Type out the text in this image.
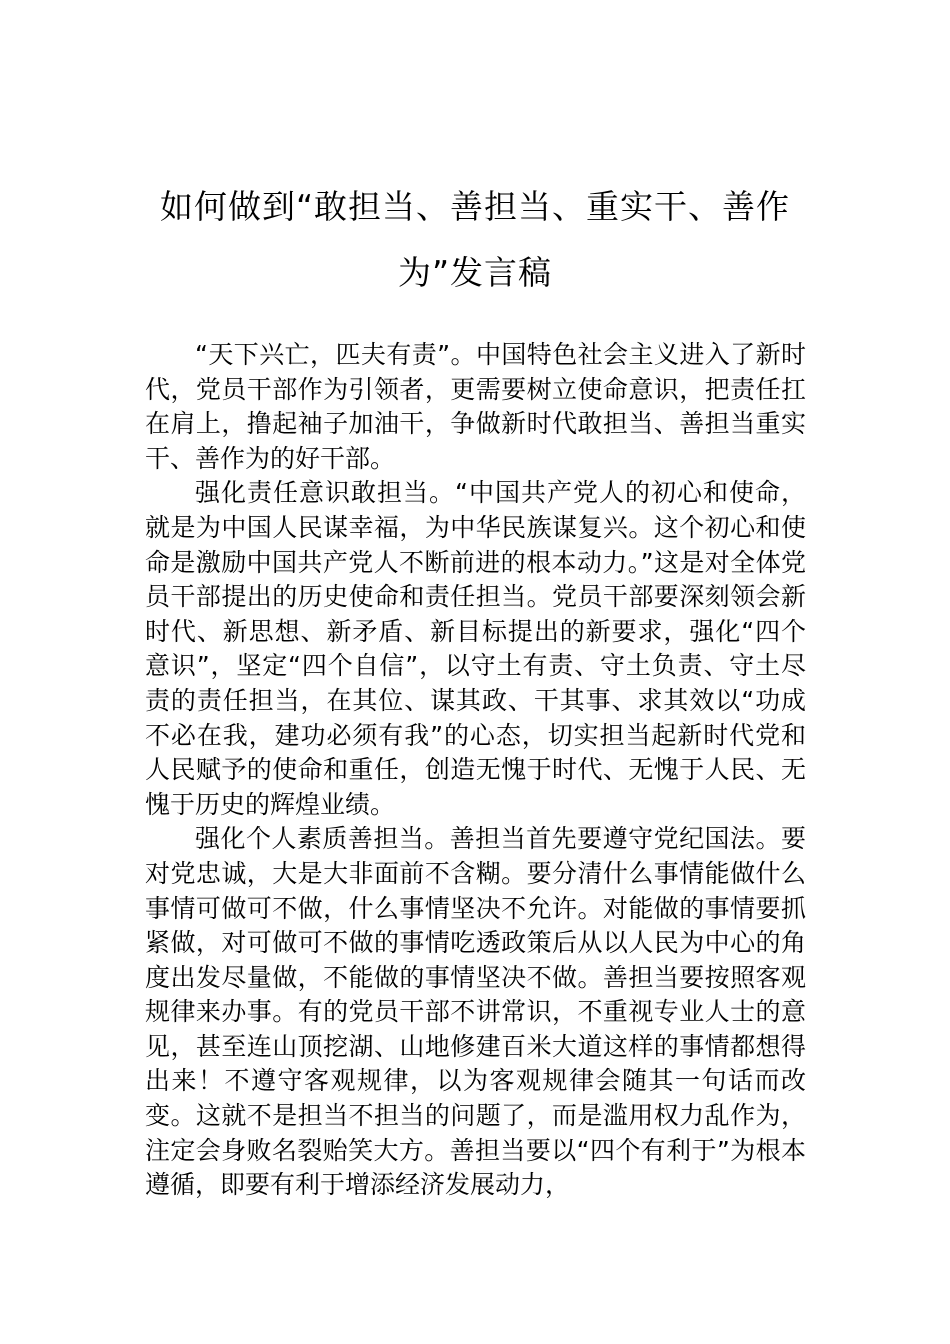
如何做到“敢担当、善担当、重实干、善作
为”发言稿

“天下兴亡，匹夫有责”。中国特色社会主义进入了新时代，党员干部作为引领者，更需要树立使命意识，把责任扛在肩上，撸起袖子加油干，争做新时代敢担当、善担当重实干、善作为的好干部。

强化责任意识敢担当。“中国共产党人的初心和使命，就是为中国人民谋幸福，为中华民族谋复兴。这个初心和使命是激励中国共产党人不断前进的根本动力。”这是对全体党员干部提出的历史使命和责任担当。党员干部要深刻领会新时代、新思想、新矛盾、新目标提出的新要求，强化“四个意识”，坚定“四个自信”，以守土有责、守土负责、守土尽责的责任担当，在其位、谋其政、干其事、求其效以“功成不必在我，建功必须有我”的心态，切实担当起新时代党和人民赋予的使命和重任，创造无愧于时代、无愧于人民、无愧于历史的辉煌业绩。

强化个人素质善担当。善担当首先要遵守党纪国法。要对党忠诚，大是大非面前不含糊。要分清什么事情能做什么事情可做可不做，什么事情坚决不允许。对能做的事情要抓紧做，对可做可不做的事情吃透政策后从以人民为中心的角度出发尽量做，不能做的事情坚决不做。善担当要按照客观规律来办事。有的党员干部不讲常识，不重视专业人士的意见，甚至连山顶挖湖、山地修建百米大道这样的事情都想得出来！不遵守客观规律，以为客观规律会随其一句话而改变。这就不是担当不担当的问题了，而是滥用权力乱作为，注定会身败名裂贻笑大方。善担当要以“四个有利于”为根本遵循，即要有利于增添经济发展动力，
